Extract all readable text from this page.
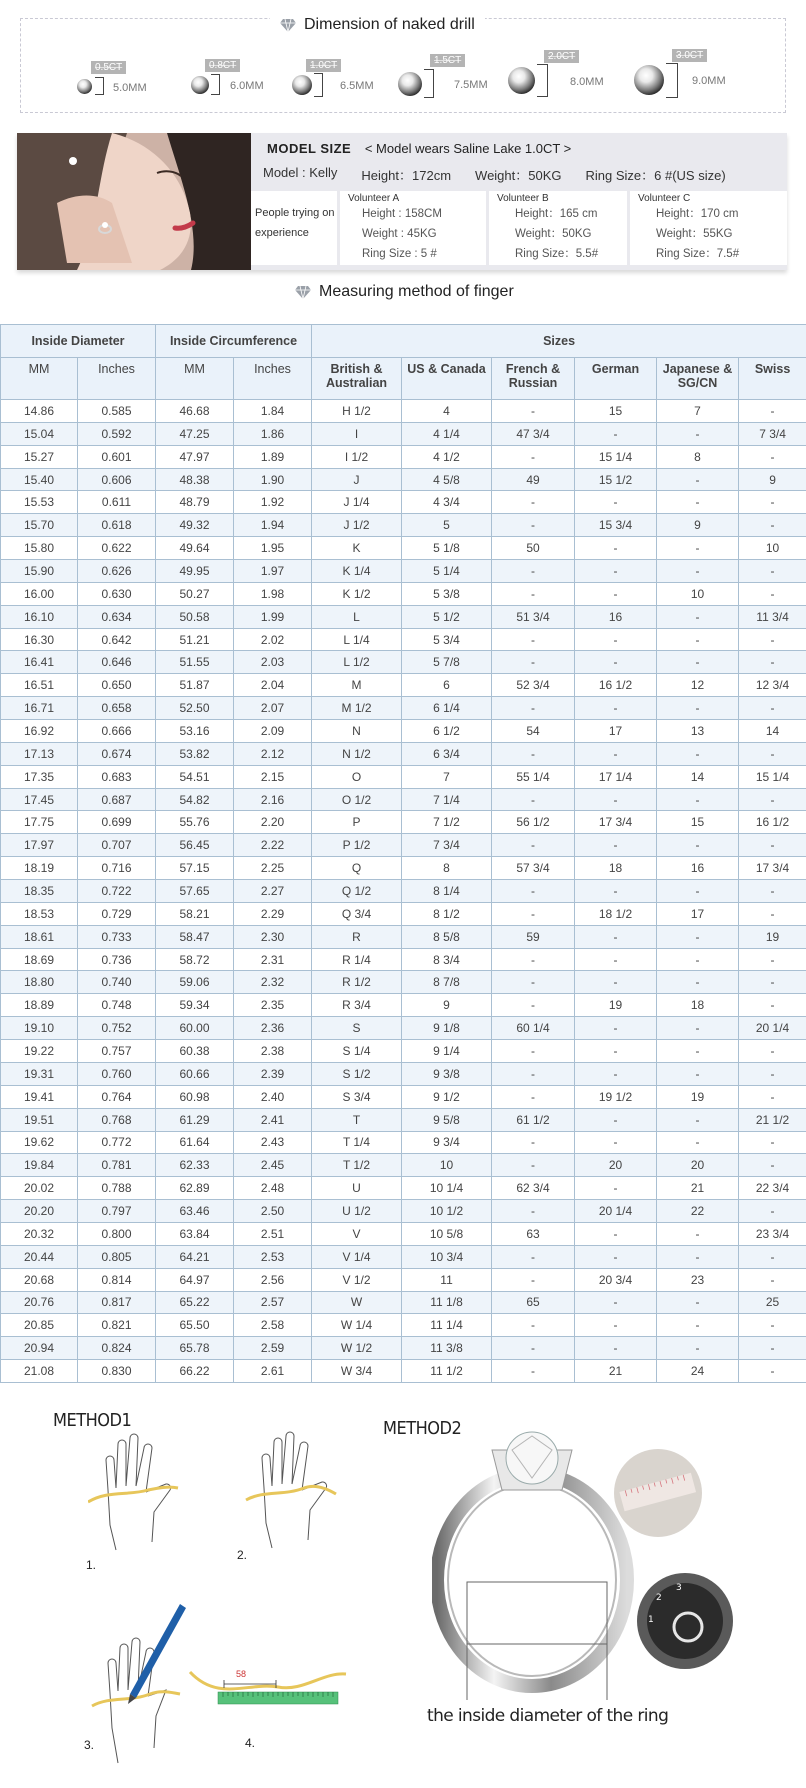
Dimension of naked drill
0.5CT
5.0MM
0.8CT
6.0MM
1.0CT
6.5MM
1.5CT
7.5MM
2.0CT
8.0MM
3.0CT
9.0MM
MODEL SIZE < Model wears Saline Lake 1.0CT >
Model : Kelly Height：172cm Weight：50KG Ring Size：6 #(US size)
People trying on experience
Volunteer A
Height : 158CM
Weight : 45KG
Ring Size : 5 #
Volunteer B
Height：165 cm
Weight：50KG
Ring Size：5.5#
Volunteer C
Height：170 cm
Weight：55KG
Ring Size：7.5#
Measuring method of finger
Inside Diameter		Inside Circumference		Sizes					
MM	Inches	MM	Inches	British & Australian	US & Canada	French & Russian	German	Japanese & SG/CN	Swiss
14.86	0.585	46.68	1.84	H 1/2	4	-	15	7	-
15.04	0.592	47.25	1.86	I	4 1/4	47 3/4	-	-	7 3/4
15.27	0.601	47.97	1.89	I 1/2	4 1/2	-	15 1/4	8	-
15.40	0.606	48.38	1.90	J	4 5/8	49	15 1/2	-	9
15.53	0.611	48.79	1.92	J 1/4	4 3/4	-	-	-	-
15.70	0.618	49.32	1.94	J 1/2	5	-	15 3/4	9	-
15.80	0.622	49.64	1.95	K	5 1/8	50	-	-	10
15.90	0.626	49.95	1.97	K 1/4	5 1/4	-	-	-	-
16.00	0.630	50.27	1.98	K 1/2	5 3/8	-	-	10	-
16.10	0.634	50.58	1.99	L	5 1/2	51 3/4	16	-	11 3/4
16.30	0.642	51.21	2.02	L 1/4	5 3/4	-	-	-	-
16.41	0.646	51.55	2.03	L 1/2	5 7/8	-	-	-	-
16.51	0.650	51.87	2.04	M	6	52 3/4	16 1/2	12	12 3/4
16.71	0.658	52.50	2.07	M 1/2	6 1/4	-	-	-	-
16.92	0.666	53.16	2.09	N	6 1/2	54	17	13	14
17.13	0.674	53.82	2.12	N 1/2	6 3/4	-	-	-	-
17.35	0.683	54.51	2.15	O	7	55 1/4	17 1/4	14	15 1/4
17.45	0.687	54.82	2.16	O 1/2	7 1/4	-	-	-	-
17.75	0.699	55.76	2.20	P	7 1/2	56 1/2	17 3/4	15	16 1/2
17.97	0.707	56.45	2.22	P 1/2	7 3/4	-	-	-	-
18.19	0.716	57.15	2.25	Q	8	57 3/4	18	16	17 3/4
18.35	0.722	57.65	2.27	Q 1/2	8 1/4	-	-	-	-
18.53	0.729	58.21	2.29	Q 3/4	8 1/2	-	18 1/2	17	-
18.61	0.733	58.47	2.30	R	8 5/8	59	-	-	19
18.69	0.736	58.72	2.31	R 1/4	8 3/4	-	-	-	-
18.80	0.740	59.06	2.32	R 1/2	8 7/8	-	-	-	-
18.89	0.748	59.34	2.35	R 3/4	9	-	19	18	-
19.10	0.752	60.00	2.36	S	9 1/8	60 1/4	-	-	20 1/4
19.22	0.757	60.38	2.38	S 1/4	9 1/4	-	-	-	-
19.31	0.760	60.66	2.39	S 1/2	9 3/8	-	-	-	-
19.41	0.764	60.98	2.40	S 3/4	9 1/2	-	19 1/2	19	-
19.51	0.768	61.29	2.41	T	9 5/8	61 1/2	-	-	21 1/2
19.62	0.772	61.64	2.43	T 1/4	9 3/4	-	-	-	-
19.84	0.781	62.33	2.45	T 1/2	10	-	20	20	-
20.02	0.788	62.89	2.48	U	10 1/4	62 3/4	-	21	22 3/4
20.20	0.797	63.46	2.50	U 1/2	10 1/2	-	20 1/4	22	-
20.32	0.800	63.84	2.51	V	10 5/8	63	-	-	23 3/4
20.44	0.805	64.21	2.53	V 1/4	10 3/4	-	-	-	-
20.68	0.814	64.97	2.56	V 1/2	11	-	20 3/4	23	-
20.76	0.817	65.22	2.57	W	11 1/8	65	-	-	25
20.85	0.821	65.50	2.58	W 1/4	11 1/4	-	-	-	-
20.94	0.824	65.78	2.59	W 1/2	11 3/8	-	-	-	-
21.08	0.830	66.22	2.61	W 3/4	11 1/2	-	21	24	-
METHOD1	METHOD2
1.
2.
3.
58
4.
1
2
3
the inside diameter of the ring
